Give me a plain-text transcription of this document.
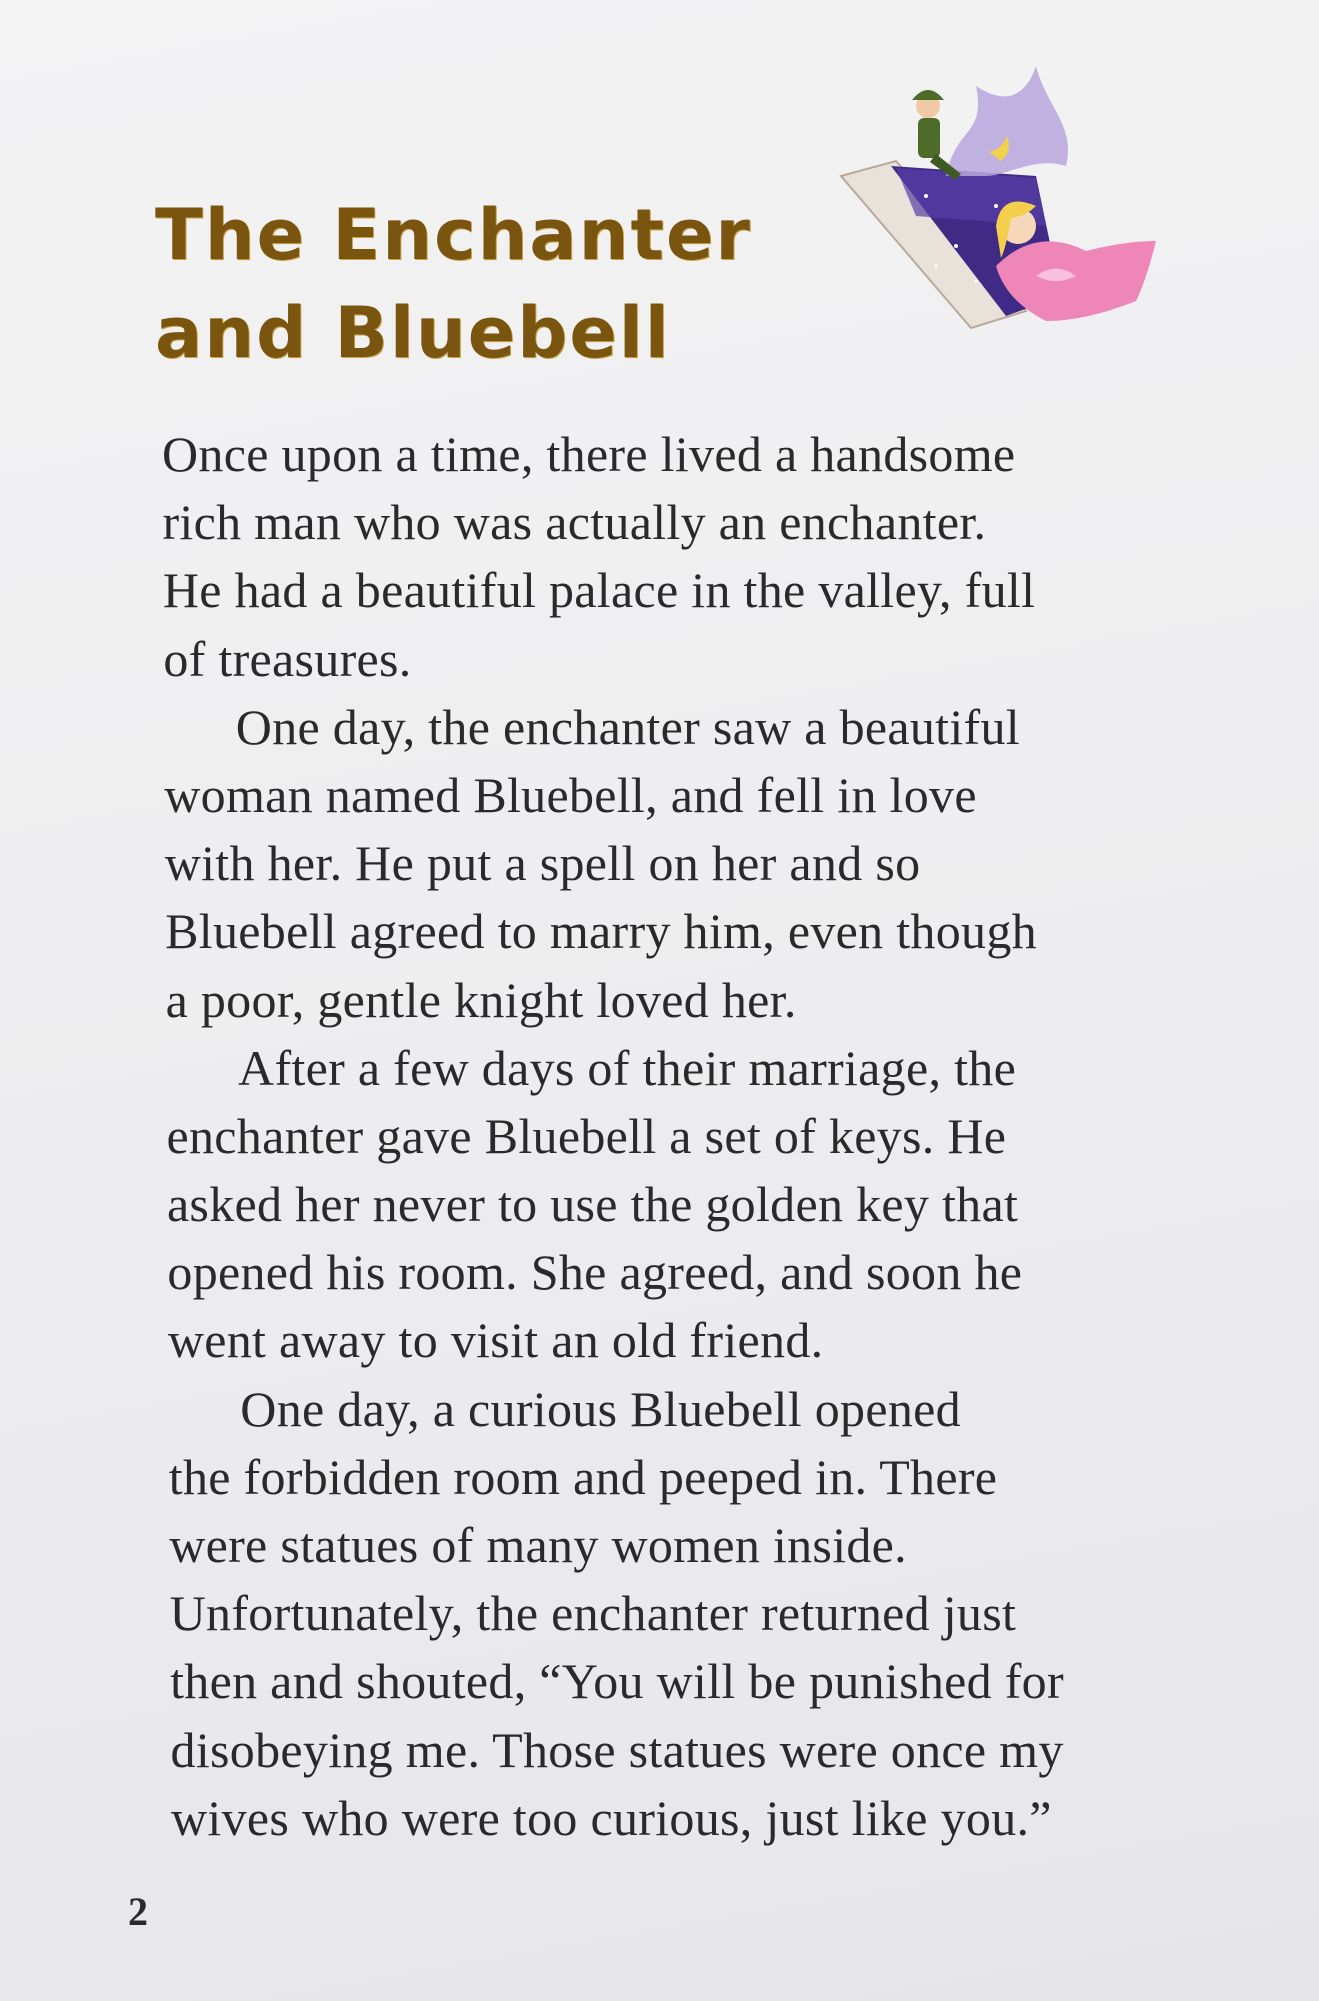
The Enchanter
and Bluebell
Once upon a time, there lived a handsome
rich man who was actually an enchanter.
He had a beautiful palace in the valley, full
of treasures.
One day, the enchanter saw a beautiful
woman named Bluebell, and fell in love
with her. He put a spell on her and so
Bluebell agreed to marry him, even though
a poor, gentle knight loved her.
After a few days of their marriage, the
enchanter gave Bluebell a set of keys. He
asked her never to use the golden key that
opened his room. She agreed, and soon he
went away to visit an old friend.
One day, a curious Bluebell opened
the forbidden room and peeped in. There
were statues of many women inside.
Unfortunately, the enchanter returned just
then and shouted, “You will be punished for
disobeying me. Those statues were once my
wives who were too curious, just like you.”
2
